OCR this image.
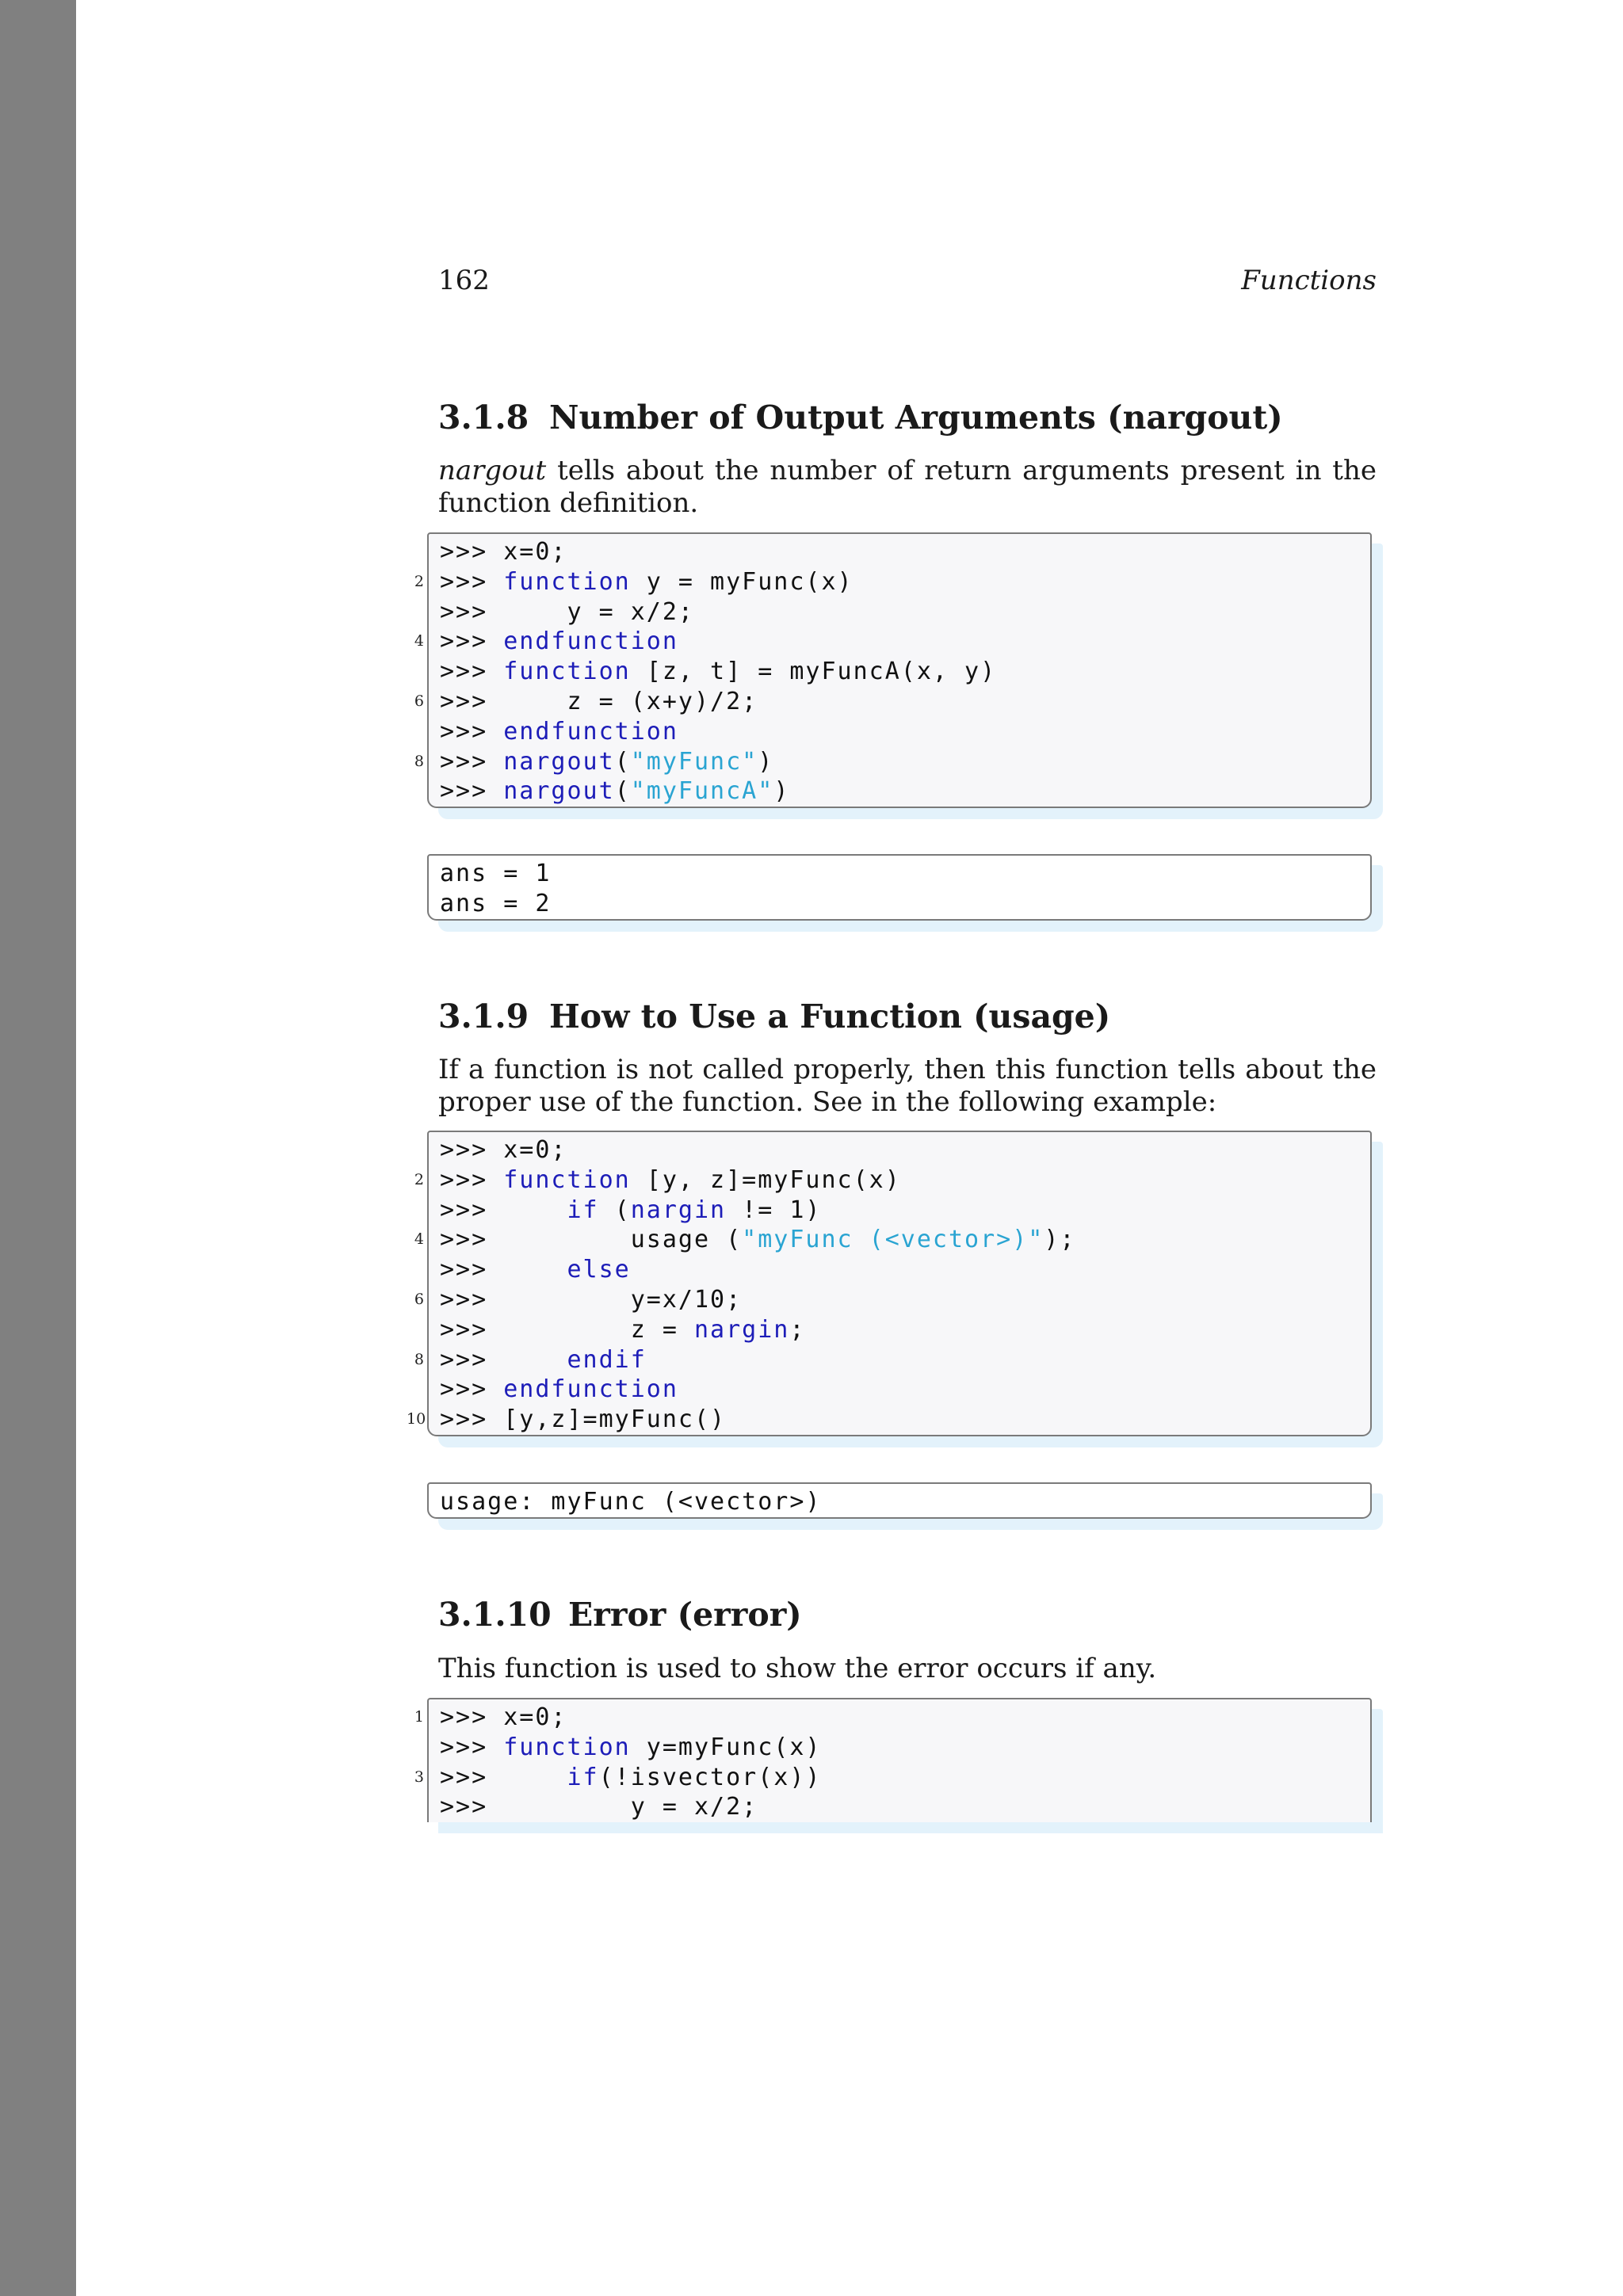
162	Functions
3.1.8 Number of Output Arguments (nargout)
nargout tells about the number of return arguments present in the function definition.
>>> x=0;
2 >>> function y = myFunc(x)
>>>     y = x/2;
4 >>> endfunction
>>> function [z, t] = myFuncA(x, y)
6 >>>     z = (x+y)/2;
>>> endfunction
8 >>> nargout("myFunc")
>>> nargout("myFuncA")
ans = 1
ans = 2
3.1.9 How to Use a Function (usage)
If a function is not called properly, then this function tells about the proper use of the function. See in the following example:
>>> x=0;
2 >>> function [y, z]=myFunc(x)
>>>     if (nargin != 1)
4 >>>         usage ("myFunc (<vector>)");
>>>     else
6 >>>         y=x/10;
>>>         z = nargin;
8 >>>     endif
>>> endfunction
10 >>> [y,z]=myFunc()
usage: myFunc (<vector>)
3.1.10 Error (error)
This function is used to show the error occurs if any.
1 >>> x=0;
>>> function y=myFunc(x)
3 >>>     if(!isvector(x))
>>>         y = x/2;
